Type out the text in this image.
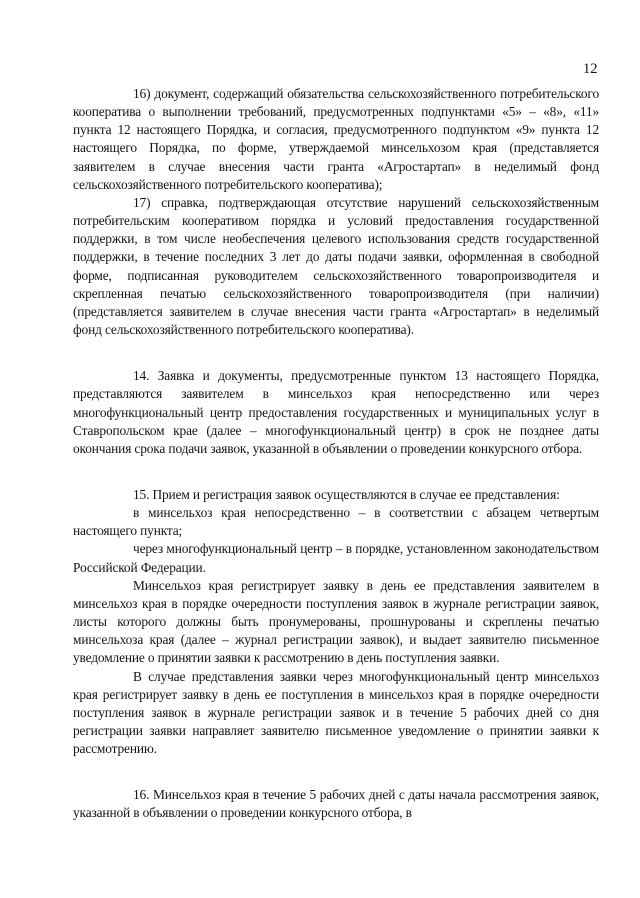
12

16) документ, содержащий обязательства сельскохозяйственного потребительского кооператива о выполнении требований, предусмотренных подпунктами «5» – «8», «11» пункта 12 настоящего Порядка, и согласия, предусмотренного подпунктом «9» пункта 12 настоящего Порядка, по форме, утверждаемой минсельхозом края (представляется заявителем в случае внесения части гранта «Агростартап» в неделимый фонд сельскохозяйственного потребительского кооператива);

17) справка, подтверждающая отсутствие нарушений сельскохозяйственным потребительским кооперативом порядка и условий предоставления государственной поддержки, в том числе необеспечения целевого использования средств государственной поддержки, в течение последних 3 лет до даты подачи заявки, оформленная в свободной форме, подписанная руководителем сельскохозяйственного товаропроизводителя и скрепленная печатью сельскохозяйственного товаропроизводителя (при наличии) (представляется заявителем в случае внесения части гранта «Агростартап» в неделимый фонд сельскохозяйственного потребительского кооператива).

14. Заявка и документы, предусмотренные пунктом 13 настоящего Порядка, представляются заявителем в минсельхоз края непосредственно или через многофункциональный центр предоставления государственных и муниципальных услуг в Ставропольском крае (далее – многофункциональный центр) в срок не позднее даты окончания срока подачи заявок, указанной в объявлении о проведении конкурсного отбора.

15. Прием и регистрация заявок осуществляются в случае ее представления:

в минсельхоз края непосредственно – в соответствии с абзацем четвертым настоящего пункта;

через многофункциональный центр – в порядке, установленном законодательством Российской Федерации.

Минсельхоз края регистрирует заявку в день ее представления заявителем в минсельхоз края в порядке очередности поступления заявок в журнале регистрации заявок, листы которого должны быть пронумерованы, прошнурованы и скреплены печатью минсельхоза края (далее – журнал регистрации заявок), и выдает заявителю письменное уведомление о принятии заявки к рассмотрению в день поступления заявки.

В случае представления заявки через многофункциональный центр минсельхоз края регистрирует заявку в день ее поступления в минсельхоз края в порядке очередности поступления заявок в журнале регистрации заявок и в течение 5 рабочих дней со дня регистрации заявки направляет заявителю письменное уведомление о принятии заявки к рассмотрению.

16. Минсельхоз края в течение 5 рабочих дней с даты начала рассмотрения заявок, указанной в объявлении о проведении конкурсного отбора, в
